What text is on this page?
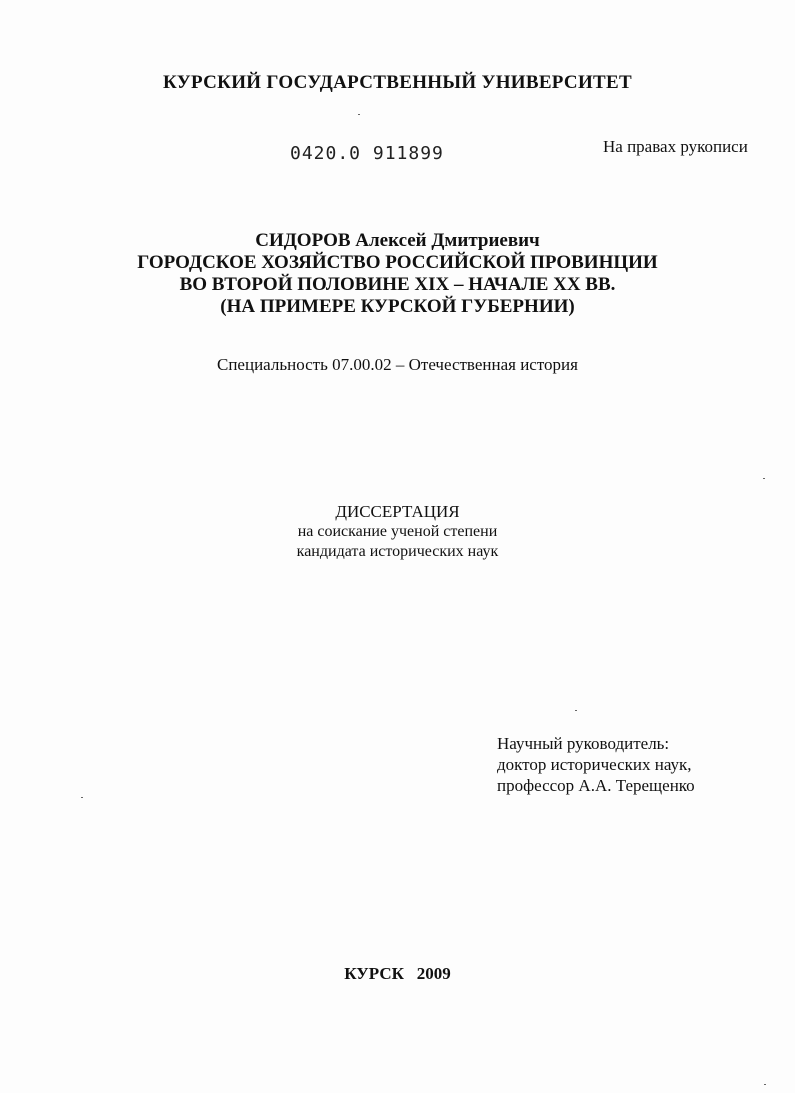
КУРСКИЙ ГОСУДАРСТВЕННЫЙ УНИВЕРСИТЕТ
0420.0 911899	На правах рукописи
СИДОРОВ Алексей Дмитриевич
ГОРОДСКОЕ ХОЗЯЙСТВО РОССИЙСКОЙ ПРОВИНЦИИ
ВО ВТОРОЙ ПОЛОВИНЕ XIX – НАЧАЛЕ XX ВВ.
(НА ПРИМЕРЕ КУРСКОЙ ГУБЕРНИИ)
Специальность 07.00.02 – Отечественная история
ДИССЕРТАЦИЯ
на соискание ученой степени
кандидата исторических наук
Научный руководитель:
доктор исторических наук,
профессор А.А. Терещенко
КУРСК 2009
